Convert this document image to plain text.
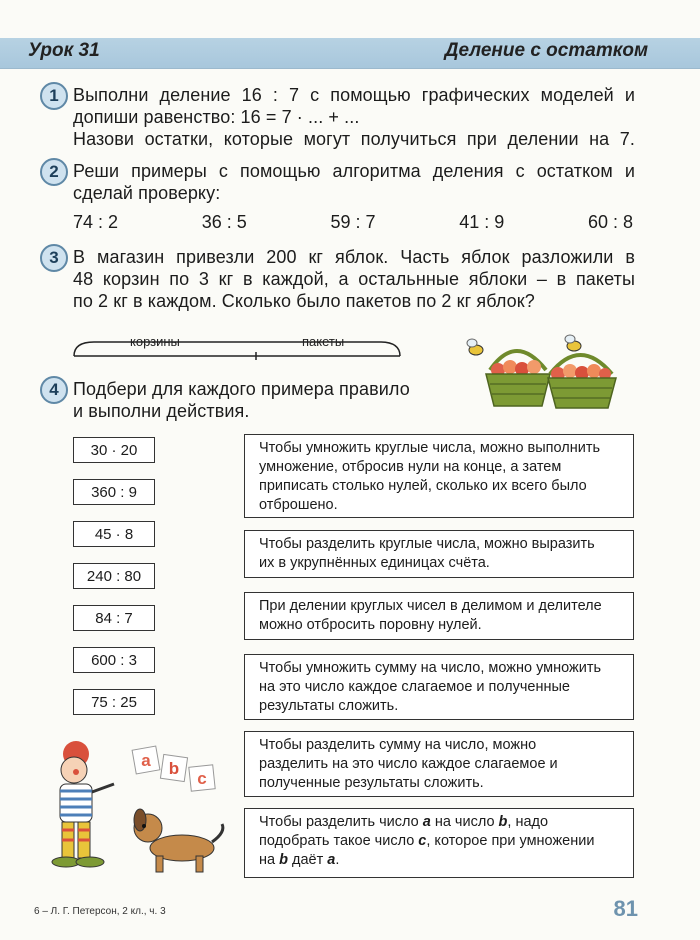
Урок 31	Деление с остатком
1 Выполни деление 16 : 7 с помощью графических моделей и
допиши равенство: 16 = 7 · ... + ...
Назови остатки, которые могут получиться при делении на 7.
2 Реши примеры с помощью алгоритма деления с остатком и
сделай проверку:
74 : 2	36 : 5	59 : 7	41 : 9	60 : 8
3 В магазин привезли 200 кг яблок. Часть яблок разложили в
48 корзин по 3 кг в каждой, а остальнные яблоки – в пакеты
по 2 кг в каждом. Сколько было пакетов по 2 кг яблок?
корзины	пакеты
4 Подбери для каждого примера правило
и выполни действия.
30 · 20
360 : 9
45 · 8
240 : 80
84 : 7
600 : 3
75 : 25
Чтобы умножить круглые числа, можно выполнить
умножение, отбросив нули на конце, а затем
приписать столько нулей, сколько их всего было
отброшено.
Чтобы разделить круглые числа, можно выразить
их в укрупнённых единицах счёта.
При делении круглых чисел в делимом и делителе
можно отбросить поровну нулей.
Чтобы умножить сумму на число, можно умножить
на это число каждое слагаемое и полученные
результаты сложить.
Чтобы разделить сумму на число, можно
разделить на это число каждое слагаемое и
полученные результаты сложить.
Чтобы разделить число a на число b, надо
подобрать такое число c, которое при умножении
на b даёт a.
a b
c
6 – Л. Г. Петерсон, 2 кл., ч. 3	81
